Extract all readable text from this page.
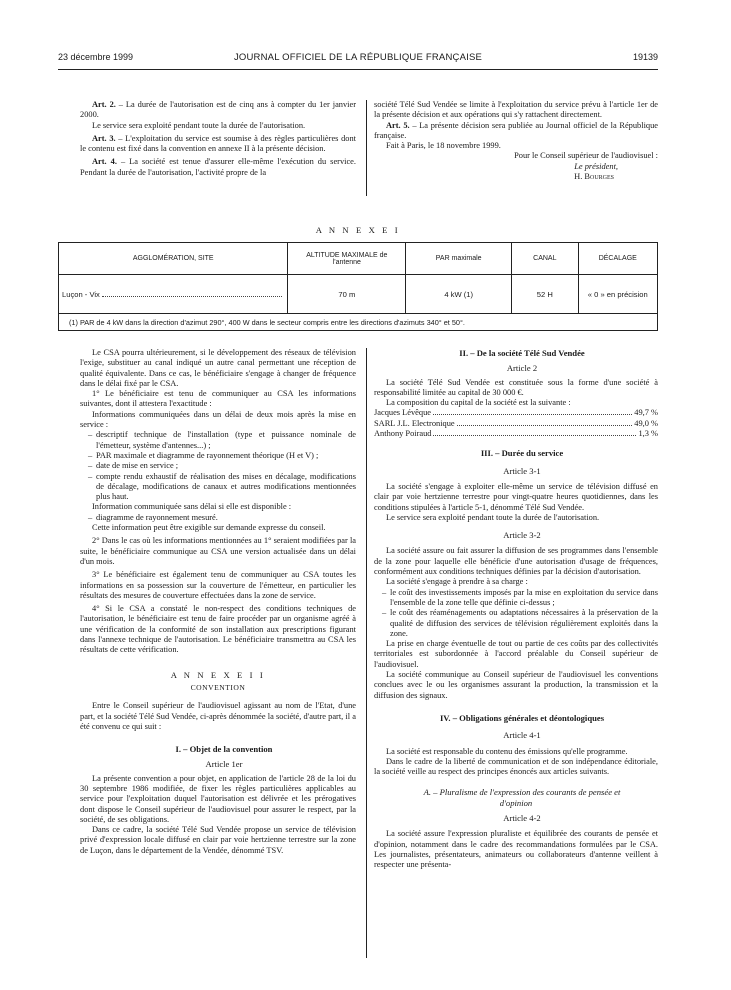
23 décembre 1999	JOURNAL OFFICIEL DE LA RÉPUBLIQUE FRANÇAISE	19139

Art. 2. – La durée de l'autorisation est de cinq ans à compter du 1er janvier 2000.

Le service sera exploité pendant toute la durée de l'autorisation.

Art. 3. – L'exploitation du service est soumise à des règles particulières dont le contenu est fixé dans la convention en annexe II à la présente décision.

Art. 4. – La société est tenue d'assurer elle-même l'exécution du service. Pendant la durée de l'autorisation, l'activité propre de la

société Télé Sud Vendée se limite à l'exploitation du service prévu à l'article 1er de la présente décision et aux opérations qui s'y rattachent directement.

Art. 5. – La présente décision sera publiée au Journal officiel de la République française.

Fait à Paris, le 18 novembre 1999.

Pour le Conseil supérieur de l'audiovisuel :

Le président,

H. Bourges

A N N E X E I
AGGLOMÉRATION, SITE	ALTITUDE MAXIMALE de l'antenne	PAR maximale	CANAL	DÉCALAGE

Luçon - Vix	70 m	4 kW (1)	52 H	« 0 » en précision
(1) PAR de 4 kW dans la direction d'azimut 290°, 400 W dans le secteur compris entre les directions d'azimuts 340° et 50°.				

Le CSA pourra ultérieurement, si le développement des réseaux de télévision l'exige, substituer au canal indiqué un autre canal permettant une réception de qualité équivalente. Dans ce cas, le bénéficiaire s'engage à changer de fréquence dans le délai fixé par le CSA.

1° Le bénéficiaire est tenu de communiquer au CSA les informations suivantes, dont il attestera l'exactitude :

Informations communiquées dans un délai de deux mois après la mise en service :

– descriptif technique de l'installation (type et puissance nominale de l'émetteur, système d'antennes...) ;
– PAR maximale et diagramme de rayonnement théorique (H et V) ;
– date de mise en service ;
– compte rendu exhaustif de réalisation des mises en décalage, modifications de décalage, modifications de canaux et autres modifications mentionnées plus haut.

Information communiquée sans délai si elle est disponible :

– diagramme de rayonnement mesuré.

Cette information peut être exigible sur demande expresse du conseil.

2° Dans le cas où les informations mentionnées au 1° seraient modifiées par la suite, le bénéficiaire communique au CSA une version actualisée dans un délai d'un mois.

3° Le bénéficiaire est également tenu de communiquer au CSA toutes les informations en sa possession sur la couverture de l'émetteur, en particulier les résultats des mesures de couverture effectuées dans la zone de service.

4° Si le CSA a constaté le non-respect des conditions techniques de l'autorisation, le bénéficiaire est tenu de faire procéder par un organisme agréé à une vérification de la conformité de son installation aux prescriptions figurant dans l'annexe technique de l'autorisation. Le bénéficiaire transmettra au CSA les résultats de cette vérification.

A N N E X E I I
CONVENTION

Entre le Conseil supérieur de l'audiovisuel agissant au nom de l'Etat, d'une part, et la société Télé Sud Vendée, ci-après dénommée la société, d'autre part, il a été convenu ce qui suit :

I. – Objet de la convention

Article 1er

La présente convention a pour objet, en application de l'article 28 de la loi du 30 septembre 1986 modifiée, de fixer les règles particulières applicables au service pour l'exploitation duquel l'autorisation est délivrée et les prérogatives dont dispose le Conseil supérieur de l'audiovisuel pour assurer le respect, par la société, de ses obligations.

Dans ce cadre, la société Télé Sud Vendée propose un service de télévision privé d'expression locale diffusé en clair par voie hertzienne terrestre sur la zone de Luçon, dans le département de la Vendée, dénommé TSV.

II. – De la société Télé Sud Vendée

Article 2

La société Télé Sud Vendée est constituée sous la forme d'une société à responsabilité limitée au capital de 30 000 €.

La composition du capital de la société est la suivante :

Jacques Lévêque	49,7 %
SARL J.L. Electronique	49,0 %
Anthony Poiraud	1,3 %

III. – Durée du service

Article 3-1

La société s'engage à exploiter elle-même un service de télévision diffusé en clair par voie hertzienne terrestre pour vingt-quatre heures quotidiennes, dans les conditions stipulées à l'article 5-1, dénommé Télé Sud Vendée.

Le service sera exploité pendant toute la durée de l'autorisation.

Article 3-2

La société assure ou fait assurer la diffusion de ses programmes dans l'ensemble de la zone pour laquelle elle bénéficie d'une autorisation d'usage de fréquences, conformément aux conditions techniques définies par la décision d'autorisation.

La société s'engage à prendre à sa charge :

– le coût des investissements imposés par la mise en exploitation du service dans l'ensemble de la zone telle que définie ci-dessus ;
– le coût des réaménagements ou adaptations nécessaires à la préservation de la qualité de diffusion des services de télévision régulièrement exploités dans la zone.

La prise en charge éventuelle de tout ou partie de ces coûts par des collectivités territoriales est subordonnée à l'accord préalable du Conseil supérieur de l'audiovisuel.

La société communique au Conseil supérieur de l'audiovisuel les conventions conclues avec le ou les organismes assurant la production, la transmission et la diffusion des signaux.

IV. – Obligations générales et déontologiques

Article 4-1

La société est responsable du contenu des émissions qu'elle programme.

Dans le cadre de la liberté de communication et de son indépendance éditoriale, la société veille au respect des principes énoncés aux articles suivants.

A. – Pluralisme de l'expression des courants de pensée et d'opinion

Article 4-2

La société assure l'expression pluraliste et équilibrée des courants de pensée et d'opinion, notamment dans le cadre des recommandations formulées par le CSA. Les journalistes, présentateurs, animateurs ou collaborateurs d'antenne veillent à respecter une présenta-
